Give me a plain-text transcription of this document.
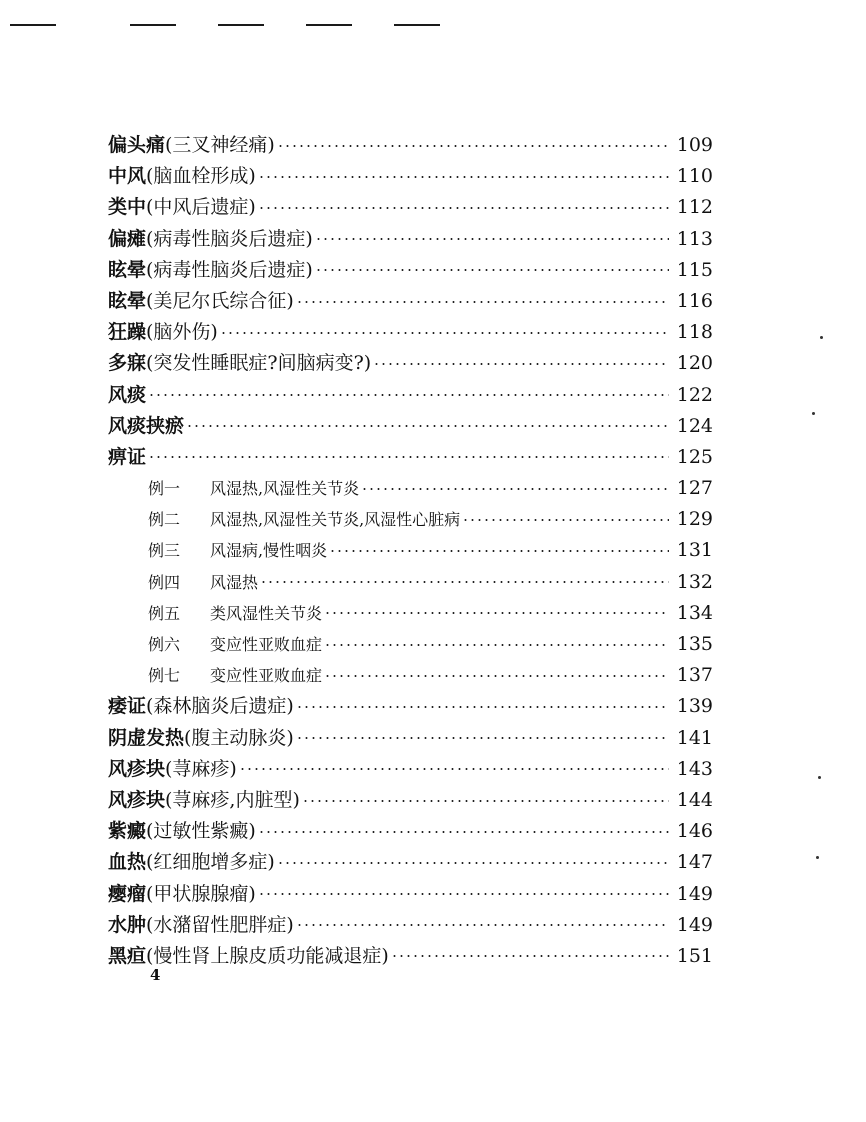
偏头痛(三叉神经痛)	109
中风(脑血栓形成)	110
类中(中风后遗症)	112
偏瘫(病毒性脑炎后遗症)	113
眩晕(病毒性脑炎后遗症)	115
眩晕(美尼尔氏综合征)	116
狂躁(脑外伤)	118
多寐(突发性睡眠症?间脑病变?)	120
风痰	122
风痰挟瘀	124
痹证	125
例一 风湿热,风湿性关节炎	127
例二 风湿热,风湿性关节炎,风湿性心脏病	129
例三 风湿病,慢性咽炎	131
例四 风湿热	132
例五 类风湿性关节炎	134
例六 变应性亚败血症	135
例七 变应性亚败血症	137
痿证(森林脑炎后遗症)	139
阴虚发热(腹主动脉炎)	141
风疹块(荨麻疹)	143
风疹块(荨麻疹,内脏型)	144
紫癜(过敏性紫癜)	146
血热(红细胞增多症)	147
瘿瘤(甲状腺腺瘤)	149
水肿(水潴留性肥胖症)	149
黑疸(慢性肾上腺皮质功能减退症)	151
4
